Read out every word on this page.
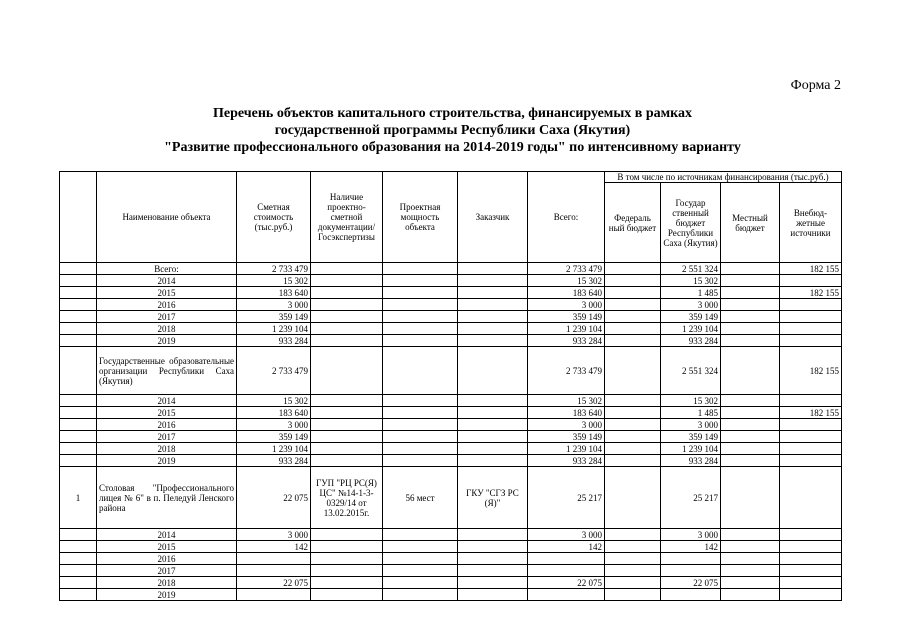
Форма 2
Перечень объектов капитального строительства, финансируемых в рамках
государственной программы Республики Саха (Якутия)
"Развитие профессионального образования на 2014-2019 годы" по интенсивному варианту
	Наименование объекта	Сметная стоимость (тыс.руб.)	Наличие проектно-сметной документации/ Госэкспертизы	Проектная мощность объекта	Заказчик	Всего:	В том числе по источникам финансирования (тыс.руб.)			
							Федераль ный бюджет	Государ ственный бюджет Республики Саха (Якутия)	Местный бюджет	Внебюд-жетные источники
	Всего:	2 733 479				2 733 479		2 551 324		182 155
	2014	15 302				15 302		15 302		
	2015	183 640				183 640		1 485		182 155
	2016	3 000				3 000		3 000		
	2017	359 149				359 149		359 149		
	2018	1 239 104				1 239 104		1 239 104		
	2019	933 284				933 284		933 284		
	Государственные образовательные организации Республики Саха (Якутия)	2 733 479				2 733 479		2 551 324		182 155
	2014	15 302				15 302		15 302		
	2015	183 640				183 640		1 485		182 155
	2016	3 000				3 000		3 000		
	2017	359 149				359 149		359 149		
	2018	1 239 104				1 239 104		1 239 104		
	2019	933 284				933 284		933 284		
1	Столовая "Профессионального лицея № 6" в п. Пеледуй Ленского района	22 075	ГУП "РЦ РС(Я) ЦС" №14-1-3-0329/14 от 13.02.2015г.	56 мест	ГКУ "СГЗ РС (Я)"	25 217		25 217		
	2014	3 000				3 000		3 000		
	2015	142				142		142		
	2016									
	2017									
	2018	22 075				22 075		22 075		
	2019									
